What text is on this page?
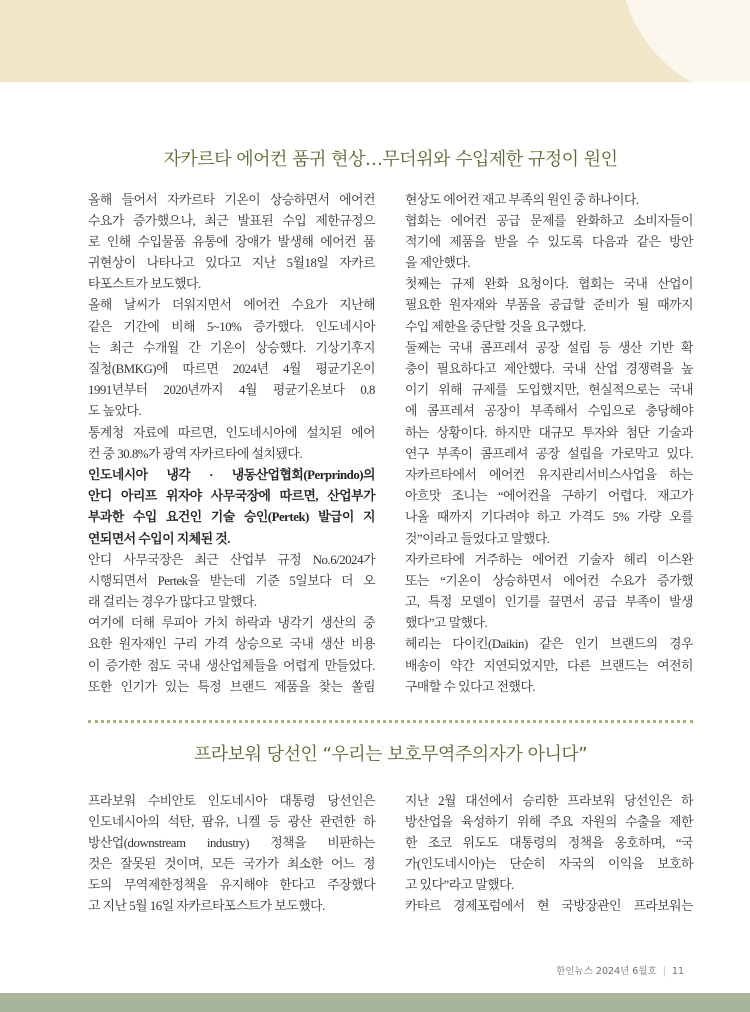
자카르타 에어컨 품귀 현상…무더위와 수입제한 규정이 원인
올해 들어서 자카르타 기온이 상승하면서 에어컨
수요가 증가했으나, 최근 발표된 수입 제한규정으
로 인해 수입물품 유통에 장애가 발생해 에어컨 품
귀현상이 나타나고 있다고 지난 5월18일 자카르
타포스트가 보도했다.
올해 날씨가 더워지면서 에어컨 수요가 지난해
같은 기간에 비해 5~10% 증가했다. 인도네시아
는 최근 수개월 간 기온이 상승했다. 기상기후지
질청(BMKG)에 따르면 2024년 4월 평균기온이
1991년부터 2020년까지 4월 평균기온보다 0.8
도 높았다.
통계청 자료에 따르면, 인도네시아에 설치된 에어
컨 중 30.8%가 광역 자카르타에 설치됐다.
인도네시아 냉각 · 냉동산업협회(Perprindo)의
안디 아리프 위자야 사무국장에 따르면, 산업부가
부과한 수입 요건인 기술 승인(Pertek) 발급이 지
연되면서 수입이 지체된 것.
안디 사무국장은 최근 산업부 규정 No.6/2024가
시행되면서 Pertek을 받는데 기준 5일보다 더 오
래 걸리는 경우가 많다고 말했다.
여기에 더해 루피아 가치 하락과 냉각기 생산의 중
요한 원자재인 구리 가격 상승으로 국내 생산 비용
이 증가한 점도 국내 생산업체들을 어렵게 만들었다.
또한 인기가 있는 특정 브랜드 제품을 찾는 쏠림
현상도 에어컨 재고 부족의 원인 중 하나이다.
협회는 에어컨 공급 문제를 완화하고 소비자들이
적기에 제품을 받을 수 있도록 다음과 같은 방안
을 제안했다.
첫째는 규제 완화 요청이다. 협회는 국내 산업이
필요한 원자재와 부품을 공급할 준비가 될 때까지
수입 제한을 중단할 것을 요구했다.
둘째는 국내 콤프레셔 공장 설립 등 생산 기반 확
충이 필요하다고 제안했다. 국내 산업 경쟁력을 높
이기 위해 규제를 도입했지만, 현실적으로는 국내
에 콤프레셔 공장이 부족해서 수입으로 충당해야
하는 상황이다. 하지만 대규모 투자와 첨단 기술과
연구 부족이 콤프레셔 공장 설립을 가로막고 있다.
자카르타에서 에어컨 유지관리서비스사업을 하는
아흐맛 조니는 “에어컨을 구하기 어렵다. 재고가
나올 때까지 기다려야 하고 가격도 5% 가량 오를
것”이라고 들었다고 말했다.
자카르타에 거주하는 에어컨 기술자 헤리 이스완
또는 “기온이 상승하면서 에어컨 수요가 증가했
고, 특정 모델이 인기를 끌면서 공급 부족이 발생
했다”고 말했다.
헤리는 다이킨(Daikin) 같은 인기 브랜드의 경우
배송이 약간 지연되었지만, 다른 브랜드는 여전히
구매할 수 있다고 전했다.
프라보워 당선인 “우리는 보호무역주의자가 아니다”
프라보워 수비안토 인도네시아 대통령 당선인은
인도네시아의 석탄, 팜유, 니켈 등 광산 관련한 하
방산업(downstream industry) 정책을 비판하는
것은 잘못된 것이며, 모든 국가가 최소한 어느 정
도의 무역제한정책을 유지해야 한다고 주장했다
고 지난 5월 16일 자카르타포스트가 보도했다.
지난 2월 대선에서 승리한 프라보워 당선인은 하
방산업을 육성하기 위해 주요 자원의 수출을 제한
한 조코 위도도 대통령의 정책을 옹호하며, “국
가(인도네시아)는 단순히 자국의 이익을 보호하
고 있다”라고 말했다.
카타르 경제포럼에서 현 국방장관인 프라보워는
한인뉴스 2024년 6월호 | 11
